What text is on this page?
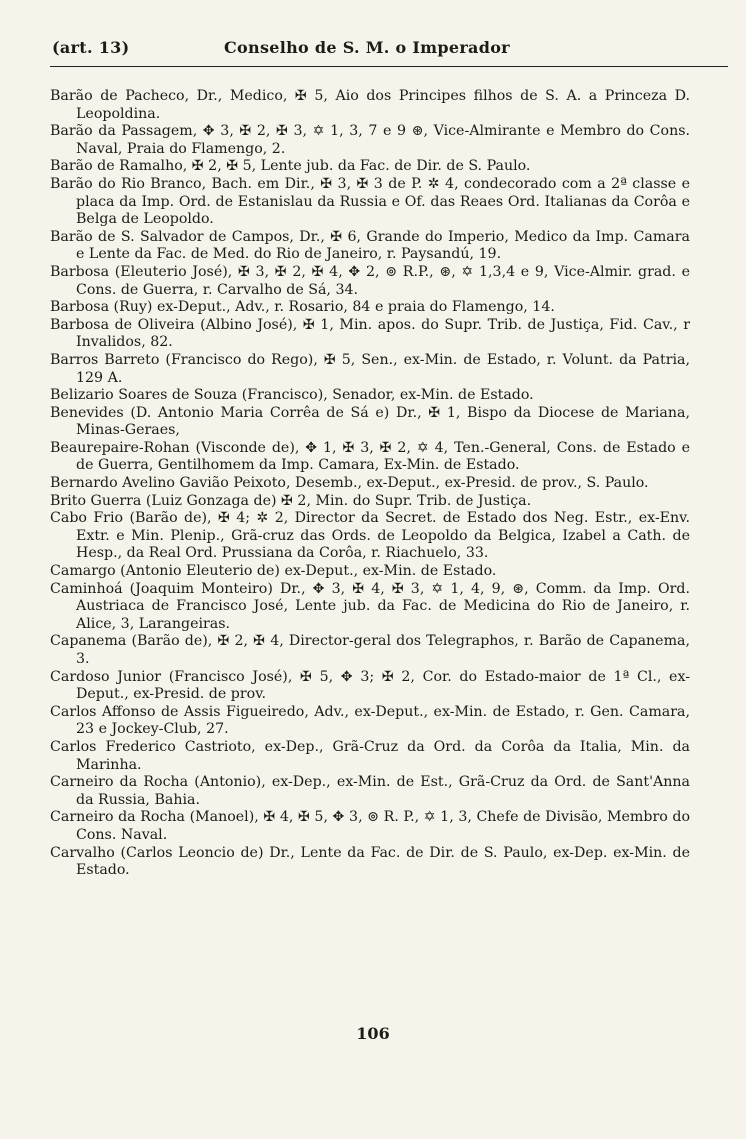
(art. 13)	Conselho de S. M. o Imperador

Barão de Pacheco, Dr., Medico, ✠ 5, Aio dos Principes filhos de S. A. a Princeza D. Leopoldina.

Barão da Passagem, ✥ 3, ✠ 2, ✠ 3, ✡ 1, 3, 7 e 9 ⊛, Vice-Almirante e Membro do Cons. Naval, Praia do Flamengo, 2.

Barão de Ramalho, ✠ 2, ✠ 5, Lente jub. da Fac. de Dir. de S. Paulo.

Barão do Rio Branco, Bach. em Dir., ✠ 3, ✠ 3 de P. ✲ 4, condecorado com a 2ª classe e placa da Imp. Ord. de Estanislau da Russia e Of. das Reaes Ord. Italianas da Corôa e Belga de Leopoldo.

Barão de S. Salvador de Campos, Dr., ✠ 6, Grande do Imperio, Medico da Imp. Camara e Lente da Fac. de Med. do Rio de Janeiro, r. Paysandú, 19.

Barbosa (Eleuterio José), ✠ 3, ✠ 2, ✠ 4, ✥ 2, ⊚ R.P., ⊛, ✡ 1,3,4 e 9, Vice-Almir. grad. e Cons. de Guerra, r. Carvalho de Sá, 34.

Barbosa (Ruy) ex-Deput., Adv., r. Rosario, 84 e praia do Flamengo, 14.

Barbosa de Oliveira (Albino José), ✠ 1, Min. apos. do Supr. Trib. de Justiça, Fid. Cav., r Invalidos, 82.

Barros Barreto (Francisco do Rego), ✠ 5, Sen., ex-Min. de Estado, r. Volunt. da Patria, 129 A.

Belizario Soares de Souza (Francisco), Senador, ex-Min. de Estado.

Benevides (D. Antonio Maria Corrêa de Sá e) Dr., ✠ 1, Bispo da Diocese de Mariana, Minas-Geraes,

Beaurepaire-Rohan (Visconde de), ✥ 1, ✠ 3, ✠ 2, ✡ 4, Ten.-General, Cons. de Estado e de Guerra, Gentilhomem da Imp. Camara, Ex-Min. de Estado.

Bernardo Avelino Gavião Peixoto, Desemb., ex-Deput., ex-Presid. de prov., S. Paulo.

Brito Guerra (Luiz Gonzaga de) ✠ 2, Min. do Supr. Trib. de Justiça.

Cabo Frio (Barão de), ✠ 4; ✲ 2, Director da Secret. de Estado dos Neg. Estr., ex-Env. Extr. e Min. Plenip., Grã-cruz das Ords. de Leopoldo da Belgica, Izabel a Cath. de Hesp., da Real Ord. Prussiana da Corôa, r. Riachuelo, 33.

Camargo (Antonio Eleuterio de) ex-Deput., ex-Min. de Estado.

Caminhoá (Joaquim Monteiro) Dr., ✥ 3, ✠ 4, ✠ 3, ✡ 1, 4, 9, ⊛, Comm. da Imp. Ord. Austriaca de Francisco José, Lente jub. da Fac. de Medicina do Rio de Janeiro, r. Alice, 3, Larangeiras.

Capanema (Barão de), ✠ 2, ✠ 4, Director-geral dos Telegraphos, r. Barão de Capanema, 3.

Cardoso Junior (Francisco José), ✠ 5, ✥ 3; ✠ 2, Cor. do Estado-maior de 1ª Cl., ex-Deput., ex-Presid. de prov.

Carlos Affonso de Assis Figueiredo, Adv., ex-Deput., ex-Min. de Estado, r. Gen. Camara, 23 e Jockey-Club, 27.

Carlos Frederico Castrioto, ex-Dep., Grã-Cruz da Ord. da Corôa da Italia, Min. da Marinha.

Carneiro da Rocha (Antonio), ex-Dep., ex-Min. de Est., Grã-Cruz da Ord. de Sant'Anna da Russia, Bahia.

Carneiro da Rocha (Manoel), ✠ 4, ✠ 5, ✥ 3, ⊚ R. P., ✡ 1, 3, Chefe de Divisão, Membro do Cons. Naval.

Carvalho (Carlos Leoncio de) Dr., Lente da Fac. de Dir. de S. Paulo, ex-Dep. ex-Min. de Estado.

106
